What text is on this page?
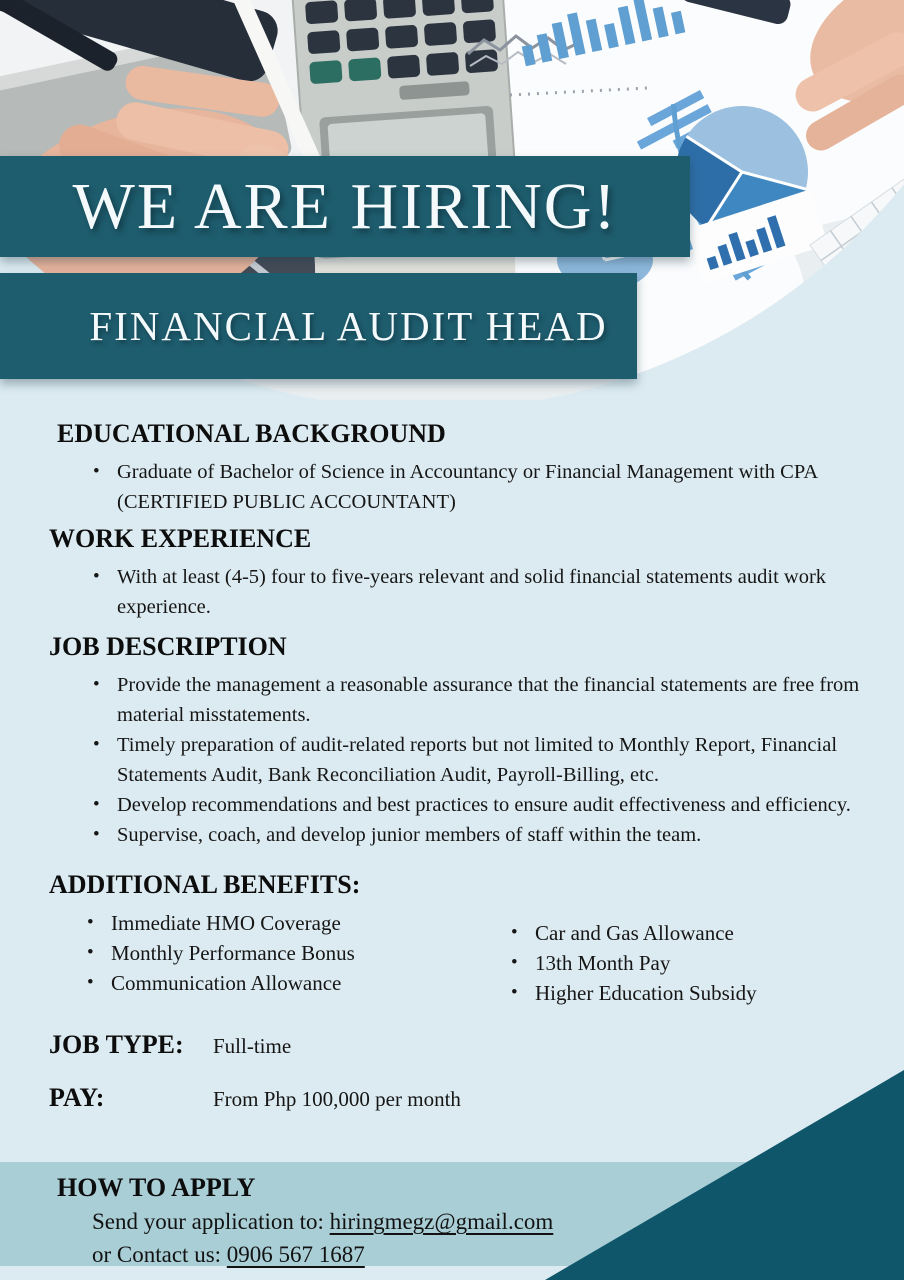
WE ARE HIRING!
FINANCIAL AUDIT HEAD
EDUCATIONAL BACKGROUND
• Graduate of Bachelor of Science in Accountancy or Financial Management with CPA (CERTIFIED PUBLIC ACCOUNTANT)
WORK EXPERIENCE
• With at least (4-5) four to five-years relevant and solid financial statements audit work experience.
JOB DESCRIPTION
• Provide the management a reasonable assurance that the financial statements are free from material misstatements.
• Timely preparation of audit-related reports but not limited to Monthly Report, Financial Statements Audit, Bank Reconciliation Audit, Payroll-Billing, etc.
• Develop recommendations and best practices to ensure audit effectiveness and efficiency.
• Supervise, coach, and develop junior members of staff within the team.
ADDITIONAL BENEFITS:
• Immediate HMO Coverage
• Monthly Performance Bonus
• Communication Allowance
• Car and Gas Allowance
• 13th Month Pay
• Higher Education Subsidy
JOB TYPE:	Full-time
PAY:	From Php 100,000 per month
HOW TO APPLY
Send your application to: hiringmegz@gmail.com
or Contact us: 0906 567 1687
